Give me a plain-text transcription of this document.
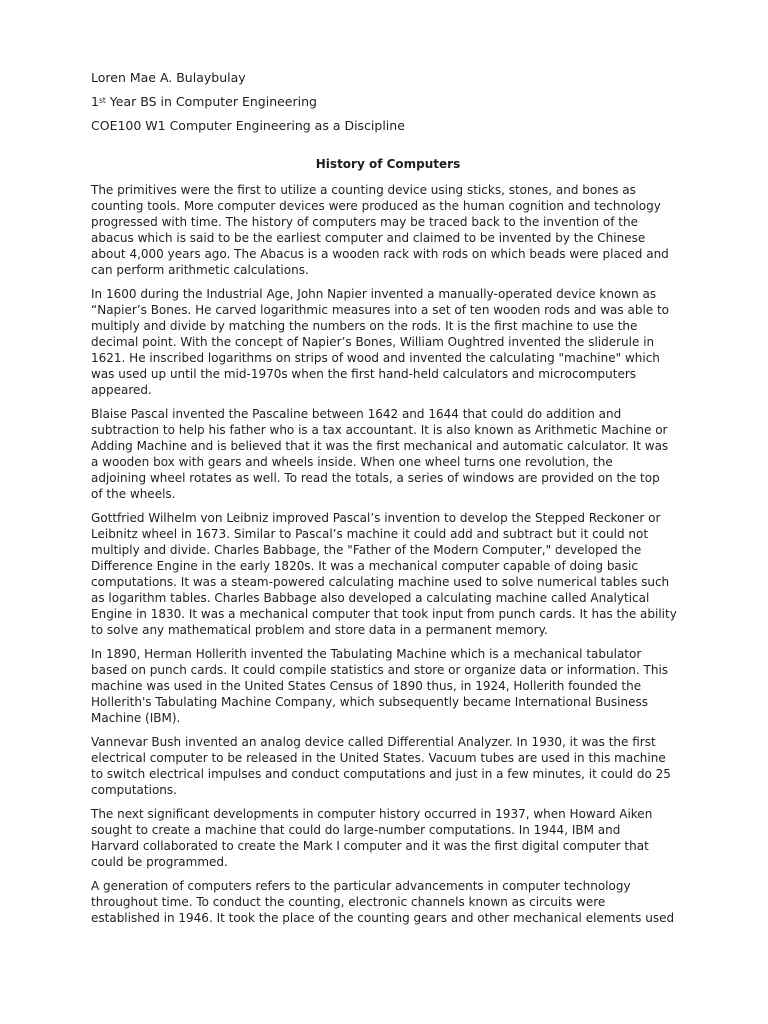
Loren Mae A. Bulaybulay
1st Year BS in Computer Engineering
COE100 W1 Computer Engineering as a Discipline
History of Computers
The primitives were the first to utilize a counting device using sticks, stones, and bones as
counting tools. More computer devices were produced as the human cognition and technology
progressed with time. The history of computers may be traced back to the invention of the
abacus which is said to be the earliest computer and claimed to be invented by the Chinese
about 4,000 years ago. The Abacus is a wooden rack with rods on which beads were placed and
can perform arithmetic calculations.
In 1600 during the Industrial Age, John Napier invented a manually-operated device known as
“Napier’s Bones. He carved logarithmic measures into a set of ten wooden rods and was able to
multiply and divide by matching the numbers on the rods. It is the first machine to use the
decimal point. With the concept of Napier’s Bones, William Oughtred invented the sliderule in
1621. He inscribed logarithms on strips of wood and invented the calculating "machine" which
was used up until the mid-1970s when the first hand-held calculators and microcomputers
appeared.
Blaise Pascal invented the Pascaline between 1642 and 1644 that could do addition and
subtraction to help his father who is a tax accountant. It is also known as Arithmetic Machine or
Adding Machine and is believed that it was the first mechanical and automatic calculator. It was
a wooden box with gears and wheels inside. When one wheel turns one revolution, the
adjoining wheel rotates as well. To read the totals, a series of windows are provided on the top
of the wheels.
Gottfried Wilhelm von Leibniz improved Pascal’s invention to develop the Stepped Reckoner or
Leibnitz wheel in 1673. Similar to Pascal’s machine it could add and subtract but it could not
multiply and divide. Charles Babbage, the "Father of the Modern Computer," developed the
Difference Engine in the early 1820s. It was a mechanical computer capable of doing basic
computations. It was a steam-powered calculating machine used to solve numerical tables such
as logarithm tables. Charles Babbage also developed a calculating machine called Analytical
Engine in 1830. It was a mechanical computer that took input from punch cards. It has the ability
to solve any mathematical problem and store data in a permanent memory.
In 1890, Herman Hollerith invented the Tabulating Machine which is a mechanical tabulator
based on punch cards. It could compile statistics and store or organize data or information. This
machine was used in the United States Census of 1890 thus, in 1924, Hollerith founded the
Hollerith's Tabulating Machine Company, which subsequently became International Business
Machine (IBM).
Vannevar Bush invented an analog device called Differential Analyzer. In 1930, it was the first
electrical computer to be released in the United States. Vacuum tubes are used in this machine
to switch electrical impulses and conduct computations and just in a few minutes, it could do 25
computations.
The next significant developments in computer history occurred in 1937, when Howard Aiken
sought to create a machine that could do large-number computations. In 1944, IBM and
Harvard collaborated to create the Mark I computer and it was the first digital computer that
could be programmed.
A generation of computers refers to the particular advancements in computer technology
throughout time. To conduct the counting, electronic channels known as circuits were
established in 1946. It took the place of the counting gears and other mechanical elements used
